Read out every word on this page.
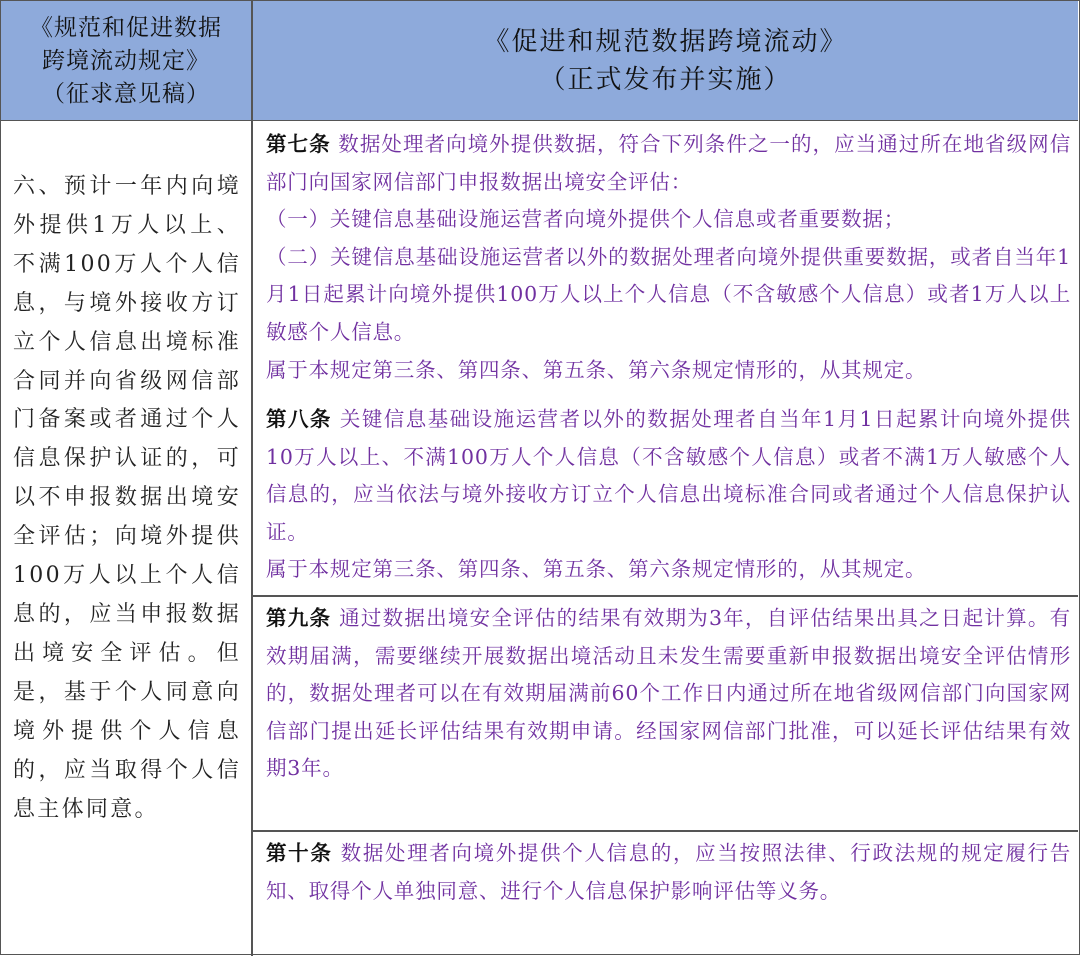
《规范和促进数据
跨境流动规定》
（征求意见稿）
《促进和规范数据跨境流动》
（正式发布并实施）
六、预计一年内向境外提供1万人以上、不满100万人个人信息，与境外接收方订立个人信息出境标准合同并向省级网信部门备案或者通过个人信息保护认证的，可以不申报数据出境安全评估；向境外提供100万人以上个人信息的，应当申报数据出境安全评估。但是，基于个人同意向境外提供个人信息的，应当取得个人信息主体同意。

第七条 数据处理者向境外提供数据，符合下列条件之一的，应当通过所在地省级网信部门向国家网信部门申报数据出境安全评估：

（一）关键信息基础设施运营者向境外提供个人信息或者重要数据；

（二）关键信息基础设施运营者以外的数据处理者向境外提供重要数据，或者自当年1月1日起累计向境外提供100万人以上个人信息（不含敏感个人信息）或者1万人以上敏感个人信息。

属于本规定第三条、第四条、第五条、第六条规定情形的，从其规定。

第八条 关键信息基础设施运营者以外的数据处理者自当年1月1日起累计向境外提供10万人以上、不满100万人个人信息（不含敏感个人信息）或者不满1万人敏感个人信息的，应当依法与境外接收方订立个人信息出境标准合同或者通过个人信息保护认证。

属于本规定第三条、第四条、第五条、第六条规定情形的，从其规定。

第九条 通过数据出境安全评估的结果有效期为3年，自评估结果出具之日起计算。有效期届满，需要继续开展数据出境活动且未发生需要重新申报数据出境安全评估情形的，数据处理者可以在有效期届满前60个工作日内通过所在地省级网信部门向国家网信部门提出延长评估结果有效期申请。经国家网信部门批准，可以延长评估结果有效期3年。

第十条 数据处理者向境外提供个人信息的，应当按照法律、行政法规的规定履行告知、取得个人单独同意、进行个人信息保护影响评估等义务。
